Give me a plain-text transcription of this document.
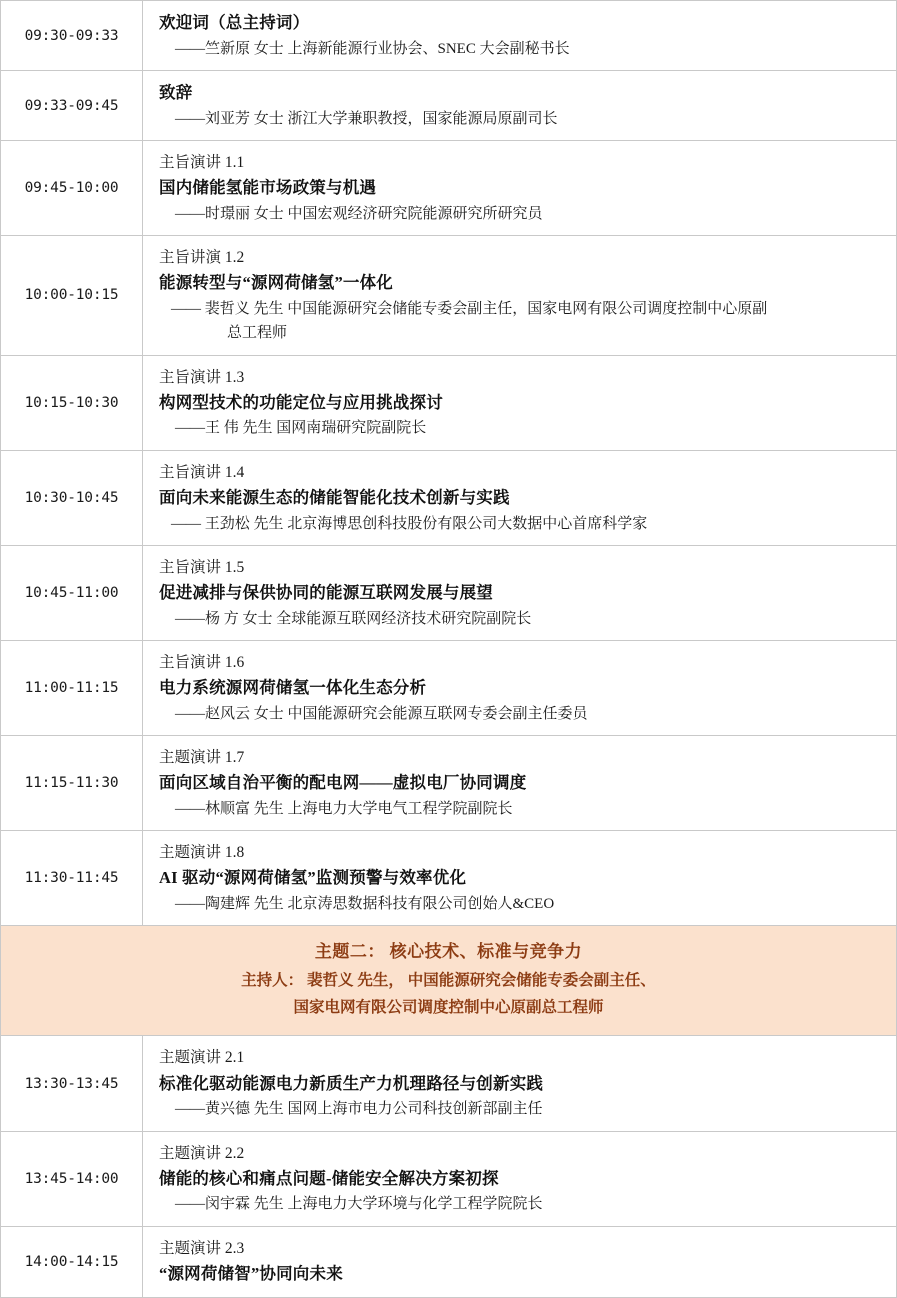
09:30-09:33	欢迎词（总主持词）
——竺新原 女士 上海新能源行业协会、SNEC 大会副秘书长

09:33-09:45	致辞
——刘亚芳 女士 浙江大学兼职教授，国家能源局原副司长

09:45-10:00	主旨演讲 1.1
国内储能氢能市场政策与机遇
——时璟丽 女士 中国宏观经济研究院能源研究所研究员

10:00-10:15	主旨讲演 1.2
能源转型与“源网荷储氢”一体化
—— 裴哲义 先生 中国能源研究会储能专委会副主任，国家电网有限公司调度控制中心原副
总工程师

10:15-10:30	主旨演讲 1.3
构网型技术的功能定位与应用挑战探讨
——王 伟 先生 国网南瑞研究院副院长

10:30-10:45	主旨演讲 1.4
面向未来能源生态的储能智能化技术创新与实践
—— 王劲松 先生 北京海博思创科技股份有限公司大数据中心首席科学家

10:45-11:00	主旨演讲 1.5
促进减排与保供协同的能源互联网发展与展望
——杨 方 女士 全球能源互联网经济技术研究院副院长

11:00-11:15	主旨演讲 1.6
电力系统源网荷储氢一体化生态分析
——赵风云 女士 中国能源研究会能源互联网专委会副主任委员

11:15-11:30	主题演讲 1.7
面向区域自治平衡的配电网——虚拟电厂协同调度
——林顺富 先生 上海电力大学电气工程学院副院长

11:30-11:45	主题演讲 1.8
AI 驱动“源网荷储氢”监测预警与效率优化
——陶建辉 先生 北京涛思数据科技有限公司创始人&CEO

主题二： 核心技术、标准与竞争力
主持人： 裴哲义 先生， 中国能源研究会储能专委会副主任、
国家电网有限公司调度控制中心原副总工程师	

13:30-13:45	主题演讲 2.1
标准化驱动能源电力新质生产力机理路径与创新实践
——黄兴德 先生 国网上海市电力公司科技创新部副主任

13:45-14:00	主题演讲 2.2
储能的核心和痛点问题-储能安全解决方案初探
——闵宇霖 先生 上海电力大学环境与化学工程学院院长

14:00-14:15	主题演讲 2.3
“源网荷储智”协同向未来
